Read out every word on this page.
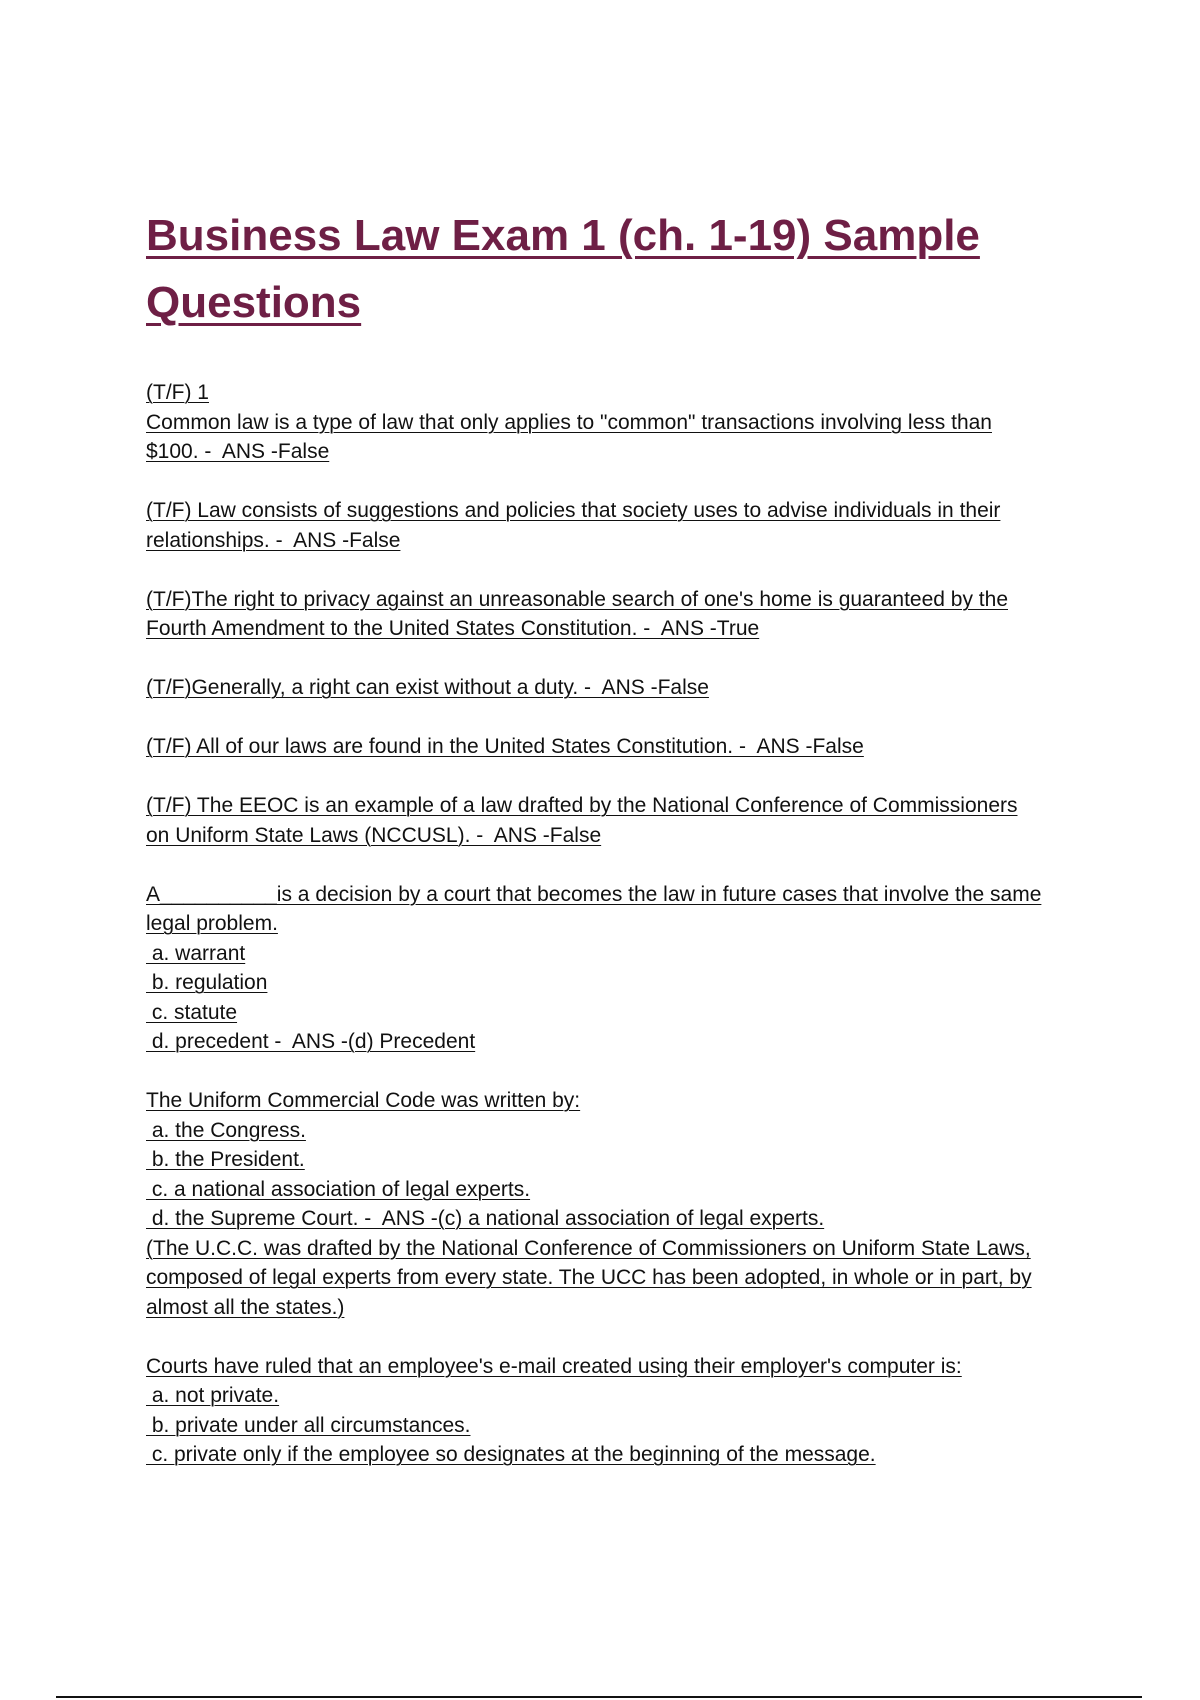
Business Law Exam 1 (ch. 1-19) Sample Questions
(T/F) 1
Common law is a type of law that only applies to "common" transactions involving less than
$100. -  ANS -False
(T/F) Law consists of suggestions and policies that society uses to advise individuals in their
relationships. -  ANS -False
(T/F)The right to privacy against an unreasonable search of one's home is guaranteed by the
Fourth Amendment to the United States Constitution. -  ANS -True
(T/F)Generally, a right can exist without a duty. -  ANS -False
(T/F) All of our laws are found in the United States Constitution. -  ANS -False
(T/F) The EEOC is an example of a law drafted by the National Conference of Commissioners
on Uniform State Laws (NCCUSL). -  ANS -False
A__________is a decision by a court that becomes the law in future cases that involve the same
legal problem.
a. warrant
b. regulation
c. statute
d. precedent -  ANS -(d) Precedent
The Uniform Commercial Code was written by:
a. the Congress.
b. the President.
c. a national association of legal experts.
d. the Supreme Court. -  ANS -(c) a national association of legal experts.
(The U.C.C. was drafted by the National Conference of Commissioners on Uniform State Laws,
composed of legal experts from every state. The UCC has been adopted, in whole or in part, by
almost all the states.)
Courts have ruled that an employee's e-mail created using their employer's computer is:
a. not private.
b. private under all circumstances.
c. private only if the employee so designates at the beginning of the message.
